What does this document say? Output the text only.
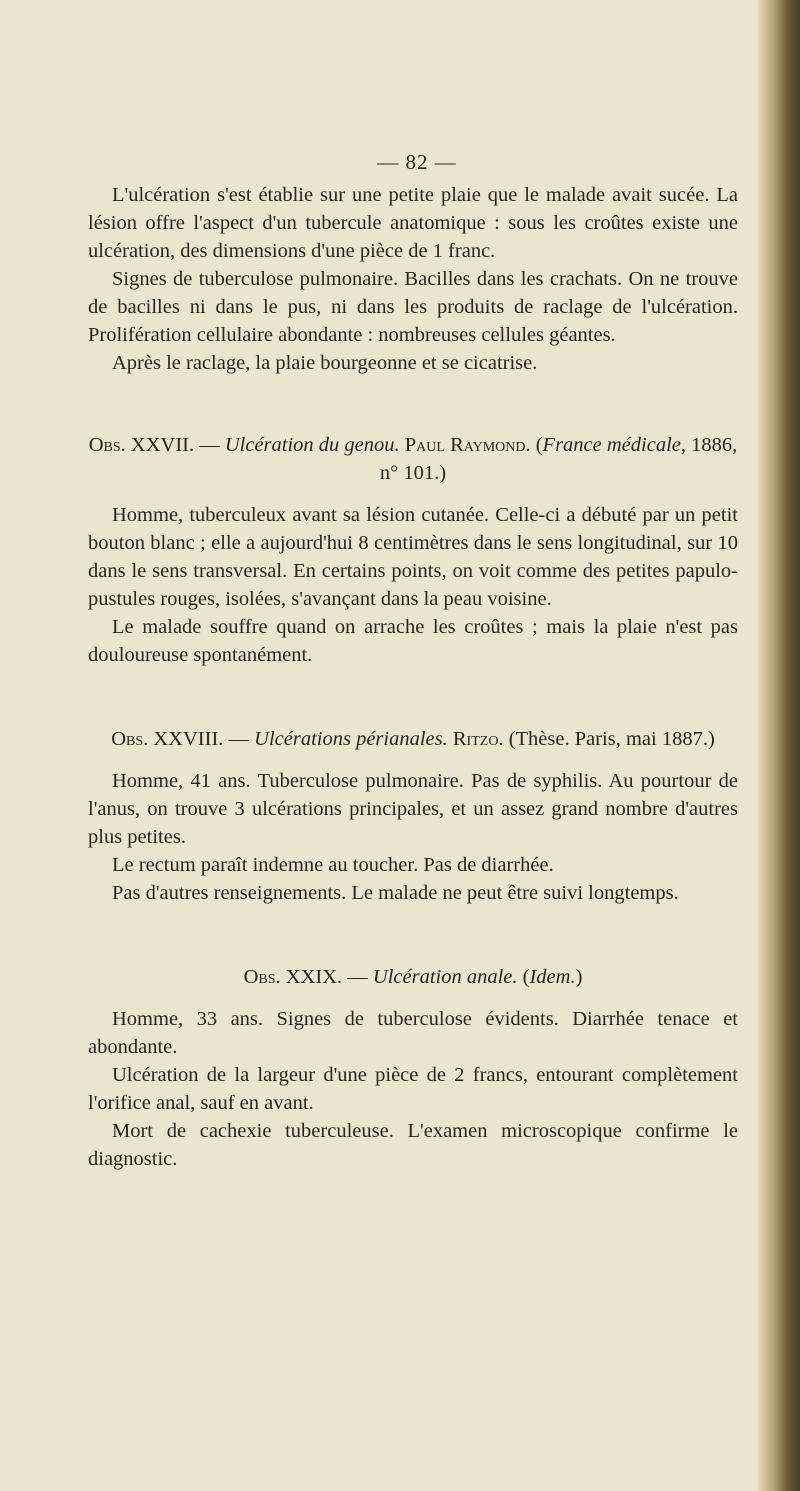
— 82 —

L'ulcération s'est établie sur une petite plaie que le malade avait sucée. La lésion offre l'aspect d'un tubercule anatomique : sous les croûtes existe une ulcération, des dimensions d'une pièce de 1 franc.

Signes de tuberculose pulmonaire. Bacilles dans les crachats. On ne trouve de bacilles ni dans le pus, ni dans les produits de raclage de l'ulcération. Prolifération cellulaire abondante : nombreuses cellules géantes.

Après le raclage, la plaie bourgeonne et se cicatrise.

Obs. XXVII. — Ulcération du genou. Paul Raymond. (France médicale, 1886, n° 101.)

Homme, tuberculeux avant sa lésion cutanée. Celle-ci a débuté par un petit bouton blanc ; elle a aujourd'hui 8 centimètres dans le sens longitudinal, sur 10 dans le sens transversal. En certains points, on voit comme des petites papulo-pustules rouges, isolées, s'avançant dans la peau voisine.

Le malade souffre quand on arrache les croûtes ; mais la plaie n'est pas douloureuse spontanément.

Obs. XXVIII. — Ulcérations périanales. Ritzo. (Thèse. Paris, mai 1887.)

Homme, 41 ans. Tuberculose pulmonaire. Pas de syphilis. Au pourtour de l'anus, on trouve 3 ulcérations principales, et un assez grand nombre d'autres plus petites.

Le rectum paraît indemne au toucher. Pas de diarrhée.

Pas d'autres renseignements. Le malade ne peut être suivi longtemps.

Obs. XXIX. — Ulcération anale. (Idem.)

Homme, 33 ans. Signes de tuberculose évidents. Diarrhée tenace et abondante.

Ulcération de la largeur d'une pièce de 2 francs, entourant complètement l'orifice anal, sauf en avant.

Mort de cachexie tuberculeuse. L'examen microscopique confirme le diagnostic.
